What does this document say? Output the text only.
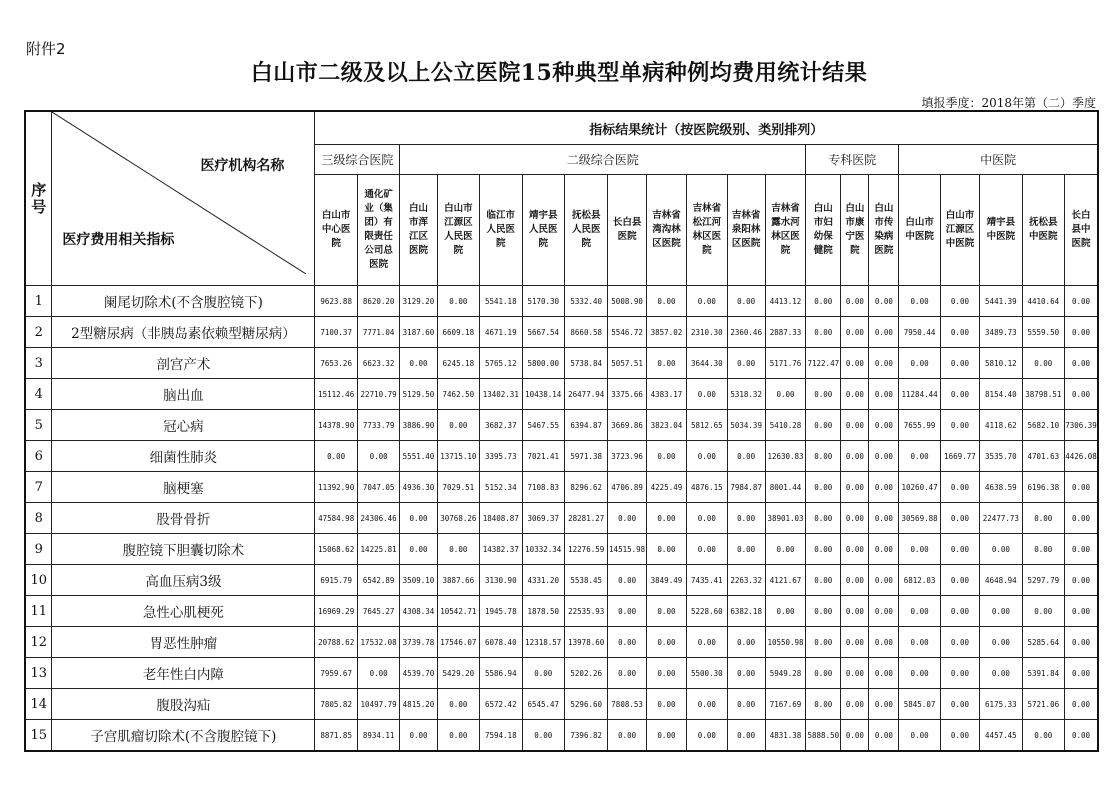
附件2
白山市二级及以上公立医院15种典型单病种例均费用统计结果
填报季度：2018年第（二）季度
序
号	医疗机构名称
医疗费用相关指标	指标结果统计（按医院级别、类别排列）																			
		三级综合医院		二级综合医院										专科医院			中医院				
		白山市中心医院	通化矿业（集团）有限责任公司总医院	白山市浑江区医院	白山市江源区人民医院	临江市人民医院	靖宇县人民医院	抚松县人民医院	长白县医院	吉林省湾沟林区医院	吉林省松江河林区医院	吉林省泉阳林区医院	吉林省露水河林区医院	白山市妇幼保健院	白山市康宁医院	白山市传染病医院	白山市中医院	白山市江源区中医院	靖宇县中医院	抚松县中医院	长白县中医院
1	阑尾切除术(不含腹腔镜下)	9623.88	8620.20	3129.20	0.00	5541.18	5170.30	5332.40	5008.90	0.00	0.00	0.00	4413.12	0.00	0.00	0.00	0.00	0.00	5441.39	4410.64	0.00
2	2型糖尿病（非胰岛素依赖型糖尿病）	7100.37	7771.04	3187.60	6609.18	4671.19	5667.54	8660.58	5546.72	3857.02	2310.30	2360.46	2887.33	0.00	0.00	0.00	7950.44	0.00	3489.73	5559.50	0.00
3	剖宫产术	7653.26	6623.32	0.00	6245.18	5765.12	5800.00	5738.84	5057.51	0.00	3644.30	0.00	5171.76	7122.47	0.00	0.00	0.00	0.00	5810.12	0.00	0.00
4	脑出血	15112.46	22710.79	5129.50	7462.50	13402.31	10438.14	26477.94	3375.66	4383.17	0.00	5318.32	0.00	0.00	0.00	0.00	11284.44	0.00	8154.40	38798.51	0.00
5	冠心病	14378.90	7733.79	3886.90	0.00	3682.37	5467.55	6394.87	3669.86	3823.04	5812.65	5034.39	5410.28	0.00	0.00	0.00	7655.99	0.00	4118.62	5682.10	7306.39
6	细菌性肺炎	0.00	0.00	5551.40	13715.10	3395.73	7021.41	5971.38	3723.96	0.00	0.00	0.00	12630.83	0.00	0.00	0.00	0.00	1669.77	3535.70	4701.63	4426.08
7	脑梗塞	11392.90	7047.05	4936.30	7029.51	5152.34	7108.83	8296.62	4706.89	4225.49	4876.15	7984.87	8001.44	0.00	0.00	0.00	10260.47	0.00	4638.59	6196.38	0.00
8	股骨骨折	47584.98	24306.46	0.00	30768.26	18408.87	3069.37	28281.27	0.00	0.00	0.00	0.00	38901.03	0.00	0.00	0.00	30569.88	0.00	22477.73	0.00	0.00
9	腹腔镜下胆囊切除术	15068.62	14225.81	0.00	0.00	14382.37	10332.34	12276.59	14515.98	0.00	0.00	0.00	0.00	0.00	0.00	0.00	0.00	0.00	0.00	0.00	0.00
10	高血压病3级	6915.79	6542.89	3509.10	3887.66	3130.90	4331.20	5538.45	0.00	3849.49	7435.41	2263.32	4121.67	0.00	0.00	0.00	6812.03	0.00	4648.94	5297.79	0.00
11	急性心肌梗死	16969.29	7645.27	4308.34	10542.71	1945.78	1878.50	22535.93	0.00	0.00	5228.60	6382.18	0.00	0.00	0.00	0.00	0.00	0.00	0.00	0.00	0.00
12	胃恶性肿瘤	20788.62	17532.08	3739.78	17546.07	6078.40	12318.57	13978.60	0.00	0.00	0.00	0.00	10550.98	0.00	0.00	0.00	0.00	0.00	0.00	5285.64	0.00
13	老年性白内障	7959.67	0.00	4539.70	5429.20	5586.94	0.00	5202.26	0.00	0.00	5500.30	0.00	5949.28	0.00	0.00	0.00	0.00	0.00	0.00	5391.84	0.00
14	腹股沟疝	7805.82	10497.79	4815.20	0.00	6572.42	6545.47	5296.60	7808.53	0.00	0.00	0.00	7167.69	0.00	0.00	0.00	5845.07	0.00	6175.33	5721.06	0.00
15	子宫肌瘤切除术(不含腹腔镜下)	8871.85	8934.11	0.00	0.00	7594.18	0.00	7396.82	0.00	0.00	0.00	0.00	4831.38	5888.50	0.00	0.00	0.00	0.00	4457.45	0.00	0.00
